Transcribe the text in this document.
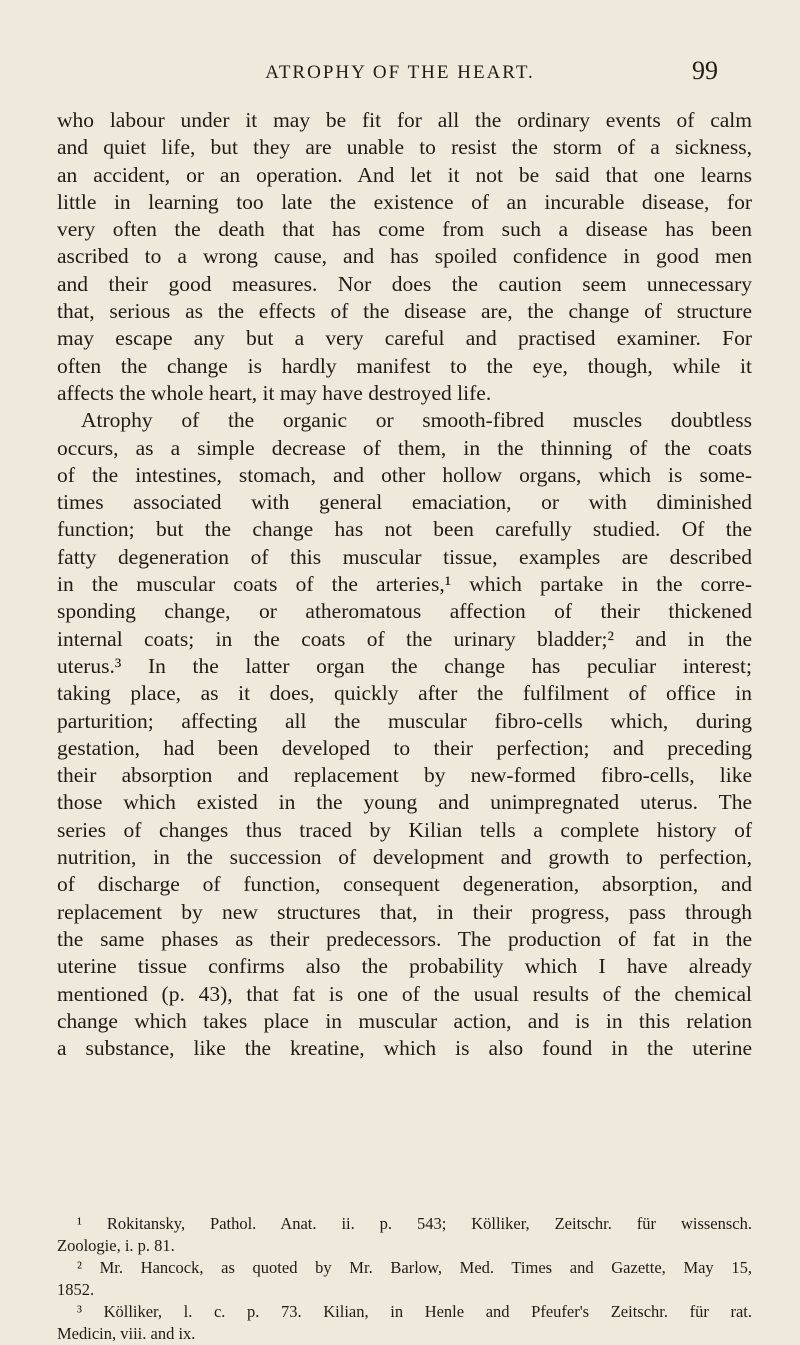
ATROPHY OF THE HEART.	99
who labour under it may be fit for all the ordinary events of calm
and quiet life, but they are unable to resist the storm of a sickness,
an accident, or an operation. And let it not be said that one learns
little in learning too late the existence of an incurable disease, for
very often the death that has come from such a disease has been
ascribed to a wrong cause, and has spoiled confidence in good men
and their good measures. Nor does the caution seem unnecessary
that, serious as the effects of the disease are, the change of structure
may escape any but a very careful and practised examiner. For
often the change is hardly manifest to the eye, though, while it
affects the whole heart, it may have destroyed life.
Atrophy of the organic or smooth-fibred muscles doubtless
occurs, as a simple decrease of them, in the thinning of the coats
of the intestines, stomach, and other hollow organs, which is some-
times associated with general emaciation, or with diminished
function; but the change has not been carefully studied. Of the
fatty degeneration of this muscular tissue, examples are described
in the muscular coats of the arteries,¹ which partake in the corre-
sponding change, or atheromatous affection of their thickened
internal coats; in the coats of the urinary bladder;² and in the
uterus.³ In the latter organ the change has peculiar interest;
taking place, as it does, quickly after the fulfilment of office in
parturition; affecting all the muscular fibro-cells which, during
gestation, had been developed to their perfection; and preceding
their absorption and replacement by new-formed fibro-cells, like
those which existed in the young and unimpregnated uterus. The
series of changes thus traced by Kilian tells a complete history of
nutrition, in the succession of development and growth to perfection,
of discharge of function, consequent degeneration, absorption, and
replacement by new structures that, in their progress, pass through
the same phases as their predecessors. The production of fat in the
uterine tissue confirms also the probability which I have already
mentioned (p. 43), that fat is one of the usual results of the chemical
change which takes place in muscular action, and is in this relation
a substance, like the kreatine, which is also found in the uterine
¹ Rokitansky, Pathol. Anat. ii. p. 543; Kölliker, Zeitschr. für wissensch.
Zoologie, i. p. 81.
² Mr. Hancock, as quoted by Mr. Barlow, Med. Times and Gazette, May 15,
1852.
³ Kölliker, l. c. p. 73. Kilian, in Henle and Pfeufer's Zeitschr. für rat.
Medicin, viii. and ix.
